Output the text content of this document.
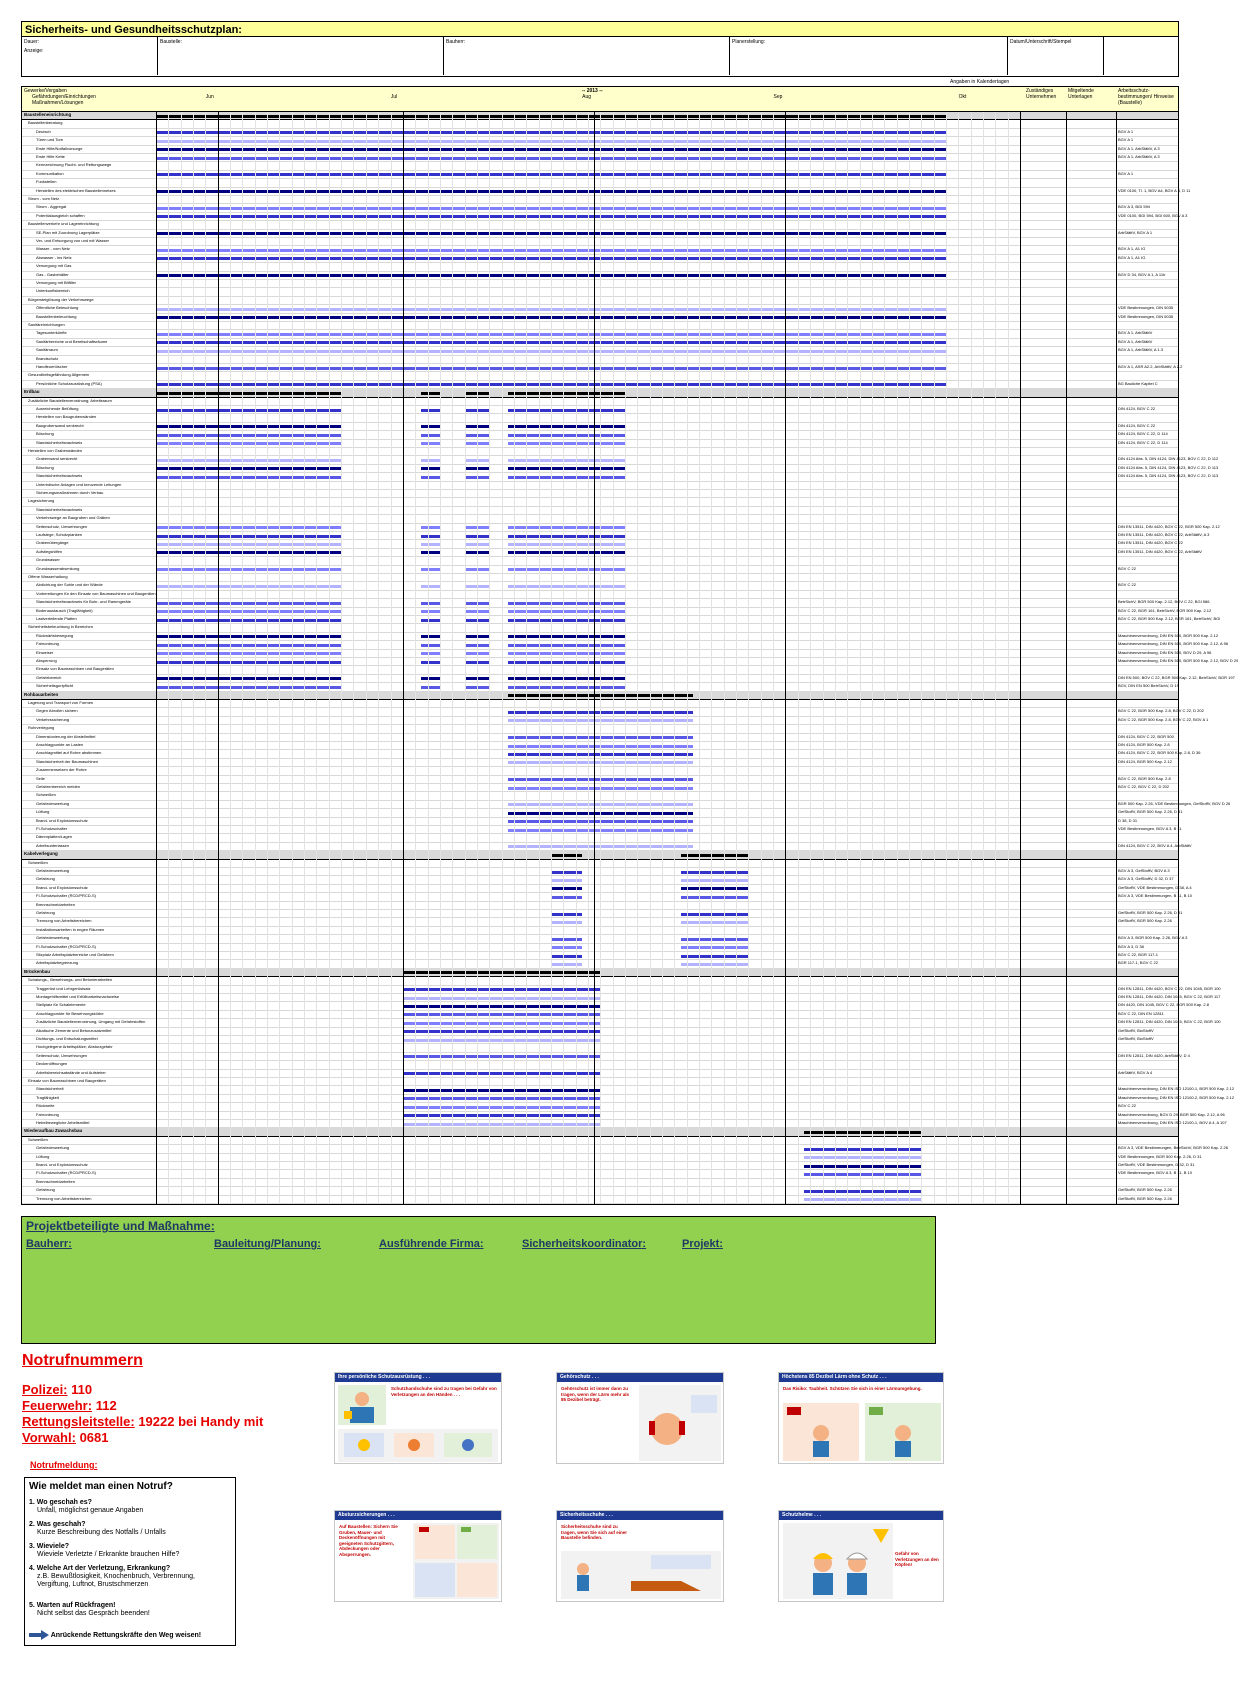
Sicherheits- und Gesundheitsschutzplan:
Dauer:
Anzeige:
Baustelle:	Bauherr:	Planerstellung:	Datum/Unterschrift/Stempel
Angaben in Kalendertagen
Gewerke/Vergaben
Gefährdungen/Einrichtungen
Maßnahmen/Lösungen
-- 2013 --
Jun	Jul	Aug	Sep	Okt
Zuständiges Unternehmen
Mitgeltende Unterlagen
Arbeitsschutz-bestimmungen/ Hinweise (Baustelle)
Baustelleneinrichtung
Baustellenberatung
Deutsch	BGV A 1
Türen und Tore	BGV A 1
Erste Hilfe/Notfallvorsorge	BGV A 1, ArbStättV, A 3
Erste Hilfe Kette	BGV A 1, ArbStättV, A 3
Kennzeichnung Flucht- und Rettungswege
Kommunikation	BGV A 1
Funkstellen
Herstellen des elektrischen Baustellennetzes	VDE 0100, Tl. 1, BGV A4, BGV A 3, D 11
Strom - vom Netz
Strom - Aggregat	BGV A 3, BGI 594
Potentialausgleich schaffen	VDE 0100, BGI 594, BGI 600, BGV A 3
Baustellenverkehr und Lagereinrichtung
SE-Plan mit Zuordnung Lagerplätze	ArbStättV, BGV A 1
Ver- und Entsorgung von und mit Wasser
Wasser - vom Netz	BGV A 1, A1 IG
Abwasser - ins Netz	BGV A 1, A1 IG
Versorgung mit Gas
Gas - Gasbehälter	BGV D 34, BGV A 1, A 11b
Versorgung mit Bitfiller
Unterkunftsbereich
Bürgersteiglösung der Verkehrswege
Öffentliche Beleuchtung	VDE Bestimmungen, DIN 5035
Baustellenbeleuchtung	VDE Bestimmungen, DIN 5035
Sanitäreinrichtungen
Tagesunterkünfte	BGV A 1, ArbStättV
Sanitärbereiche und Bereitschaftsräume	BGV A 1, ArbStättV
Sanitärraum	BGV A 1, ArbStättV, A 1.3
Brandschutz
Handfeuerlöscher	BGV A 1, ASR A2.2, ArbStättV, A 2.2
Gesundheitsgefährdung Allgemein
Persönliche Schutzausrüstung (PSA)	BG Bauliche Kapitel C
Erdbau
Zusätzliche Baustellenverordnung; Arbeitsraum
Ausreichende Belüftung	DIN 4124, BGV C 22
Herstellen von Baugrubenwänden
Baugrubenwand senkrecht	DIN 4124, BGV C 22
Böschung	DIN 4124, BGV C 22, D 114
Standsicherheitsnachweis	DIN 4124, BGV C 22, D 114
Herstellen von Grabenwänden
Grabenwand senkrecht	DIN 4124 Abs. 5, DIN 4124, DIN 4123, BGV C 22, D 112
Böschung	DIN 4124 Abs. 5, DIN 4124, DIN 4123, BGV C 22, D 113
Standsicherheitsnachweis	DIN 4124 Abs. 5, DIN 4124, DIN 4123, BGV C 22, D 113
Unterirdische Anlagen und kreuzende Leitungen
Sicherungsmaßnahmen durch Verbau
Lagesicherung
Standsicherheitsnachweis
Verkehrswege an Baugruben und Gräben
Seitenschutz, Umwehrungen	DIN EN 13511, DIN 4420, BGV C 22, BGR 500 Kap. 2.12
Laufstege, Schutzplanken	DIN EN 13511, DIN 4420, BGV C 22, ArbStättV, A 3
Grabenübergänge	DIN EN 13511, DIN 4420, BGV C 22
Aufstiegshilfen	DIN EN 13511, DIN 4420, BGV C 22, ArbStättV
Grundwasser
Grundwasserabsenkung	BGV C 22
Offene Wasserhaltung
Abdichtung der Sohle und der Wände	BGV C 22
Vorbereitungen für den Einsatz von Baumaschinen und Baugeräten
Standsicherheitsnachweis für Bohr- und Rammgeräte	BetrSichV, BGR 500 Kap. 2.12, BGV C 22, BGI 586
Bodenaustausch (Tragfähigkeit)	BGV C 22, BGR 161, BetrSichV, BGR 500 Kap. 2.12
Lastverteilende Platten	BGV C 22, BGR 500 Kap. 2.12, BGR 161, BetrSichV, BGI
Sicherheitsbeleuchtung in Bereichen
Rückwärtsbewegung	Maschinenverordnung, DIN EN 500, BGR 500 Kap. 2.12
Fahrordnung	Maschinenverordnung, DIN EN 500, BGR 500 Kap. 2.12, A 96
Einweiser	Maschinenverordnung, DIN EN 500, BGV D 29, A 96
Absperrung	Maschinenverordnung, DIN EN 500, BGR 500 Kap. 2.12, BGV D 29
Einsatz von Baumaschinen und Baugeräten
Gefahrbereich	DIN EN 500, BGV C 22, BGR 500 Kap. 2.12, BetrSichV, BGR 197
Sicherheitsgurtpflicht	BGV, DIN EN 500 BetrSichV, D 19
Rohbauarbeiten
Lagerung und Transport von Formen
Gegen Abrollen sichern	BGV C 22, BGR 500 Kap. 2.8, BGV C 22, D 202
Verkehrssicherung	BGV C 22, BGR 500 Kap. 2.8, BGV C 22, BGV A 1
Rohrverlegung
Dimensionierung der Abstellmittel	DIN 4124, BGV C 22, BGR 500
Anschlagpunkte an Lasten	DIN 4124, BGR 500 Kap. 2.8
Anschlagmittel auf Rohre abstimmen	DIN 4124, BGV C 22, BGR 500 Kap. 2.8, D 36
Standsicherheit der Baumaschinen	DIN 4124, BGR 500 Kap. 2.12
Zusammensetzen der Rohre
Seile	BGV C 22, BGR 500 Kap. 2.8
Gefahrenbereich meiden	BGV C 22, BGV C 22, D 202
Schweißen
Gefahrdenwertung	BGR 500 Kap. 2.26, VDE Bestimmungen, GefStoffV, BGV D 26
Lüftung	GefStoffV, BGR 500 Kap. 2.26, D 31
Brand- und Explosionsschutz	D 38, D 31
FI-Schutzschalter	VDE Bestimmungen, BGV A 3, B 11
Dämmplatten/Lagen
Arbeitsunterlassen	DIN 4124, BGV C 22, BGV A 4, ArbStättV
Kabelverlegung
Schweißen
Gefahrdenwertung	BGV A 3, GefStoffV, BGV A 3
Gefahrung	BGV A 3, GefStoffV, D 32, D 37
Brand- und Explosionsschutz	GefStoffV, VDE Bestimmungen, D 38, A 4
FI-Schutzschalter (RCD/PRCD-S)	BGV A 3, VDE Bestimmungen, B 11, B 10
Brennschneidarbeiten
Gefahrung	GefStoffV, BGR 500 Kap. 2.26, D 31
Trennung von Arbeitsbereichen	GefStoffV, BGR 500 Kap. 2.26
Installationsarbeiten in engen Räumen
Gefahrdenwertung	BGV A 3, BGR 500 Kap. 2.26, BGV A 3
FI-Schutzschalter (RCD/PRCD-S)	BGV A 3, D 38
Sitzplatz Arbeitsplatzbereiche und Gefahren	BGV C 22, BGR 117-1
Arbeitsplatzbegrenzung	BGR 117-1, BGV C 22
Brückenbau
Schalungs-, Bewehrungs- und Betonierarbeiten
Traggerüst und Lehrgerüstsatz	DIN EN 12811, DIN 4420, BGV C 22, DIN 1045, BGR 100
Montagehilfsmittel und Erfüllbarkeitsnachweise	DIN EN 12811, DIN 4420, DIN 1045, BGV C 22, BGR 117
Stellplatz für Schalelemente	DIN 4420, DIN 1045, BGV C 22, BGR 500 Kap. 2.8
Anschlagpunkte für Bewehrungskörbe	BGV C 22, DIN EN 12811
Zusätzliche Baustellenverordnung, Umgang mit Gefahrstoffen	DIN EN 12811, DIN 4420, DIN 1045, BGV C 22, BGR 100
Alkalische Zemente und Betonzusatzmittel	GefStoffV, BioStoffV
Dichtungs- und Entschalungsmittel	GefStoffV, BioStoffV
Hochgelegene Arbeitsplätze; Absturzgefahr
Seitenschutz, Umwehrungen	DIN EN 12811, DIN 4420, ArbStättV, D 4
Deckenöffnungen
Arbeitsbereichsabstände und Aufsteher	ArbStättV, BGV A 4
Einsatz von Baumaschinen und Baugeräten
Standsicherheit	Maschinenverordnung, DIN EN ISO 12100-1, BGR 500 Kap. 2.12
Tragfähigkeit	Maschinenverordnung, DIN EN ISO 12100-2, BGR 500 Kap. 2.12
Rückweite	BGV C 22
Fahrordnung	Maschinenverordnung, BGV D 29, BGR 500 Kap. 2.12, A 96
Hebelbewegliche Arbeitsmittel	Maschinenverordnung, DIN EN ISO 12100-1, BGV A 4, A 107
Wiederaufbau Zuwachsbau
Schweißen
Gefahrdenwertung	BGV A 3, VDE Bestimmungen, BetrSichV, BGR 500 Kap. 2.26
Lüftung	VDE Bestimmungen, BGR 500 Kap. 2.26, D 31
Brand- und Explosionsschutz	GefStoffV, VDE Bestimmungen, D 32, D 31
FI-Schutzschalter (RCD/PRCD-S)	VDE Bestimmungen, BGV A 3, B 11, B 10
Brennschneidarbeiten
Gefahrung	GefStoffV, BGR 500 Kap. 2.26
Trennung von Arbeitsbereichen	GefStoffV, BGR 500 Kap. 2.26
Projektbeteiligte und Maßnahme:
Bauherr:	Bauleitung/Planung:	Ausführende Firma:	Sicherheitskoordinator:	Projekt:
Notrufnummern
Polizei: 110
Feuerwehr: 112
Rettungsleitstelle: 19222 bei Handy mit
Vorwahl: 0681
Notrufmeldung:
Wie meldet man einen Notruf?
1. Wo geschah es?
Unfall, möglichst genaue Angaben
2. Was geschah?
Kurze Beschreibung des Notfalls / Unfalls
3. Wieviele?
Wieviele Verletzte / Erkrankte brauchen Hilfe?
4. Welche Art der Verletzung, Erkrankung?
z.B. Bewußtlosigkeit, Knochenbruch, Verbrennung, Vergiftung, Luftnot, Brustschmerzen
5. Warten auf Rückfragen!
Nicht selbst das Gespräch beenden!
Anrückende Rettungskräfte den Weg weisen!
Ihre persönliche Schutzausrüstung . . .
Schutzhandschuhe sind zu tragen bei Gefahr von Verletzungen an den Händen . . .
Gehörschutz . . .
Gehörschutz ist immer dann zu tragen, wenn der Lärm mehr als 85 Dezibel beträgt.
Höchstens 85 Dezibel Lärm ohne Schutz . . .
Das Risiko: Taubheit. Schützen Sie sich in einer Lärmumgebung.
Absturzsicherungen . . .
Auf Baustellen: Sichern Sie Gruben, Mauer- und Deckenöffnungen mit geeigneten Schutzgittern, Abdeckungen oder Absperrungen.
Sicherheitsschuhe . . .
Sicherheitsschuhe sind zu tragen, wenn Sie sich auf einer Baustelle befinden.
Schutzhelme . . .
Gefahr von Verletzungen an den Köpfen!
